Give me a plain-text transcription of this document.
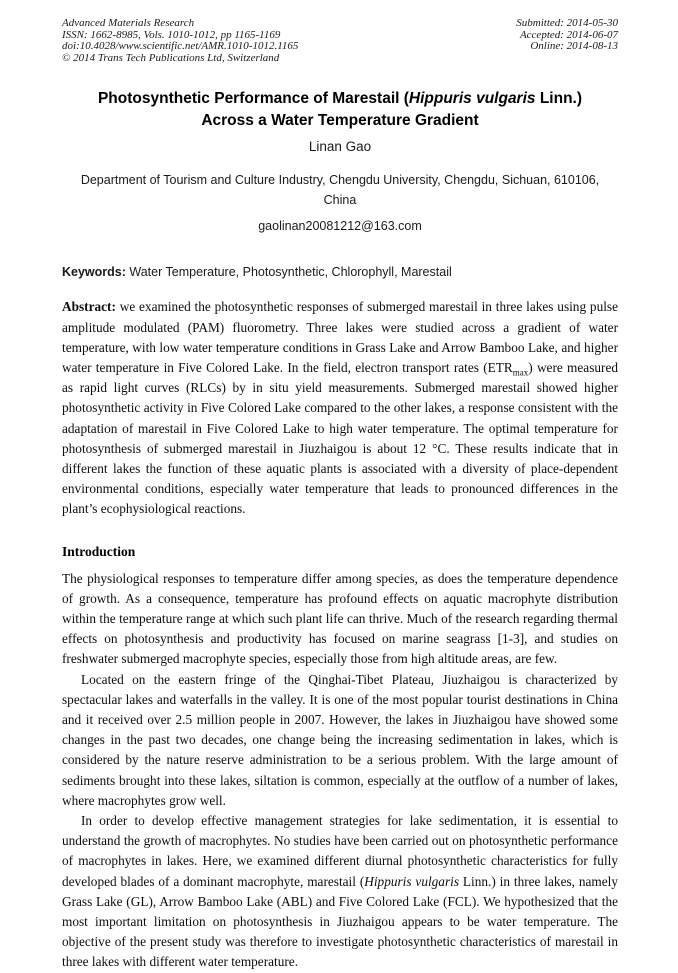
Advanced Materials Research
ISSN: 1662-8985, Vols. 1010-1012, pp 1165-1169
doi:10.4028/www.scientific.net/AMR.1010-1012.1165
© 2014 Trans Tech Publications Ltd, Switzerland
Submitted: 2014-05-30
Accepted: 2014-06-07
Online: 2014-08-13
Photosynthetic Performance of Marestail (Hippuris vulgaris Linn.)
Across a Water Temperature Gradient
Linan Gao
Department of Tourism and Culture Industry, Chengdu University, Chengdu, Sichuan, 610106,
China
gaolinan20081212@163.com

Keywords: Water Temperature, Photosynthetic, Chlorophyll, Marestail

Abstract: we examined the photosynthetic responses of submerged marestail in three lakes using pulse amplitude modulated (PAM) fluorometry. Three lakes were studied across a gradient of water temperature, with low water temperature conditions in Grass Lake and Arrow Bamboo Lake, and higher water temperature in Five Colored Lake. In the field, electron transport rates $(ETR_{max})$ were measured as rapid light curves (RLCs) by in situ yield measurements. Submerged marestail showed higher photosynthetic activity in Five Colored Lake compared to the other lakes, a response consistent with the adaptation of marestail in Five Colored Lake to high water temperature. The optimal temperature for photosynthesis of submerged marestail in Jiuzhaigou is about 12 °C. These results indicate that in different lakes the function of these aquatic plants is associated with a diversity of place-dependent environmental conditions, especially water temperature that leads to pronounced differences in the plant’s ecophysiological reactions.

Introduction

The physiological responses to temperature differ among species, as does the temperature dependence of growth. As a consequence, temperature has profound effects on aquatic macrophyte distribution within the temperature range at which such plant life can thrive. Much of the research regarding thermal effects on photosynthesis and productivity has focused on marine seagrass [1-3], and studies on freshwater submerged macrophyte species, especially those from high altitude areas, are few.

Located on the eastern fringe of the Qinghai-Tibet Plateau, Jiuzhaigou is characterized by spectacular lakes and waterfalls in the valley. It is one of the most popular tourist destinations in China and it received over 2.5 million people in 2007. However, the lakes in Jiuzhaigou have showed some changes in the past two decades, one change being the increasing sedimentation in lakes, which is considered by the nature reserve administration to be a serious problem. With the large amount of sediments brought into these lakes, siltation is common, especially at the outflow of a number of lakes, where macrophytes grow well.

In order to develop effective management strategies for lake sedimentation, it is essential to understand the growth of macrophytes. No studies have been carried out on photosynthetic performance of macrophytes in lakes. Here, we examined different diurnal photosynthetic characteristics for fully developed blades of a dominant macrophyte, marestail (Hippuris vulgaris Linn.) in three lakes, namely Grass Lake (GL), Arrow Bamboo Lake (ABL) and Five Colored Lake (FCL). We hypothesized that the most important limitation on photosynthesis in Jiuzhaigou appears to be water temperature. The objective of the present study was therefore to investigate photosynthetic characteristics of marestail in three lakes with different water temperature.
